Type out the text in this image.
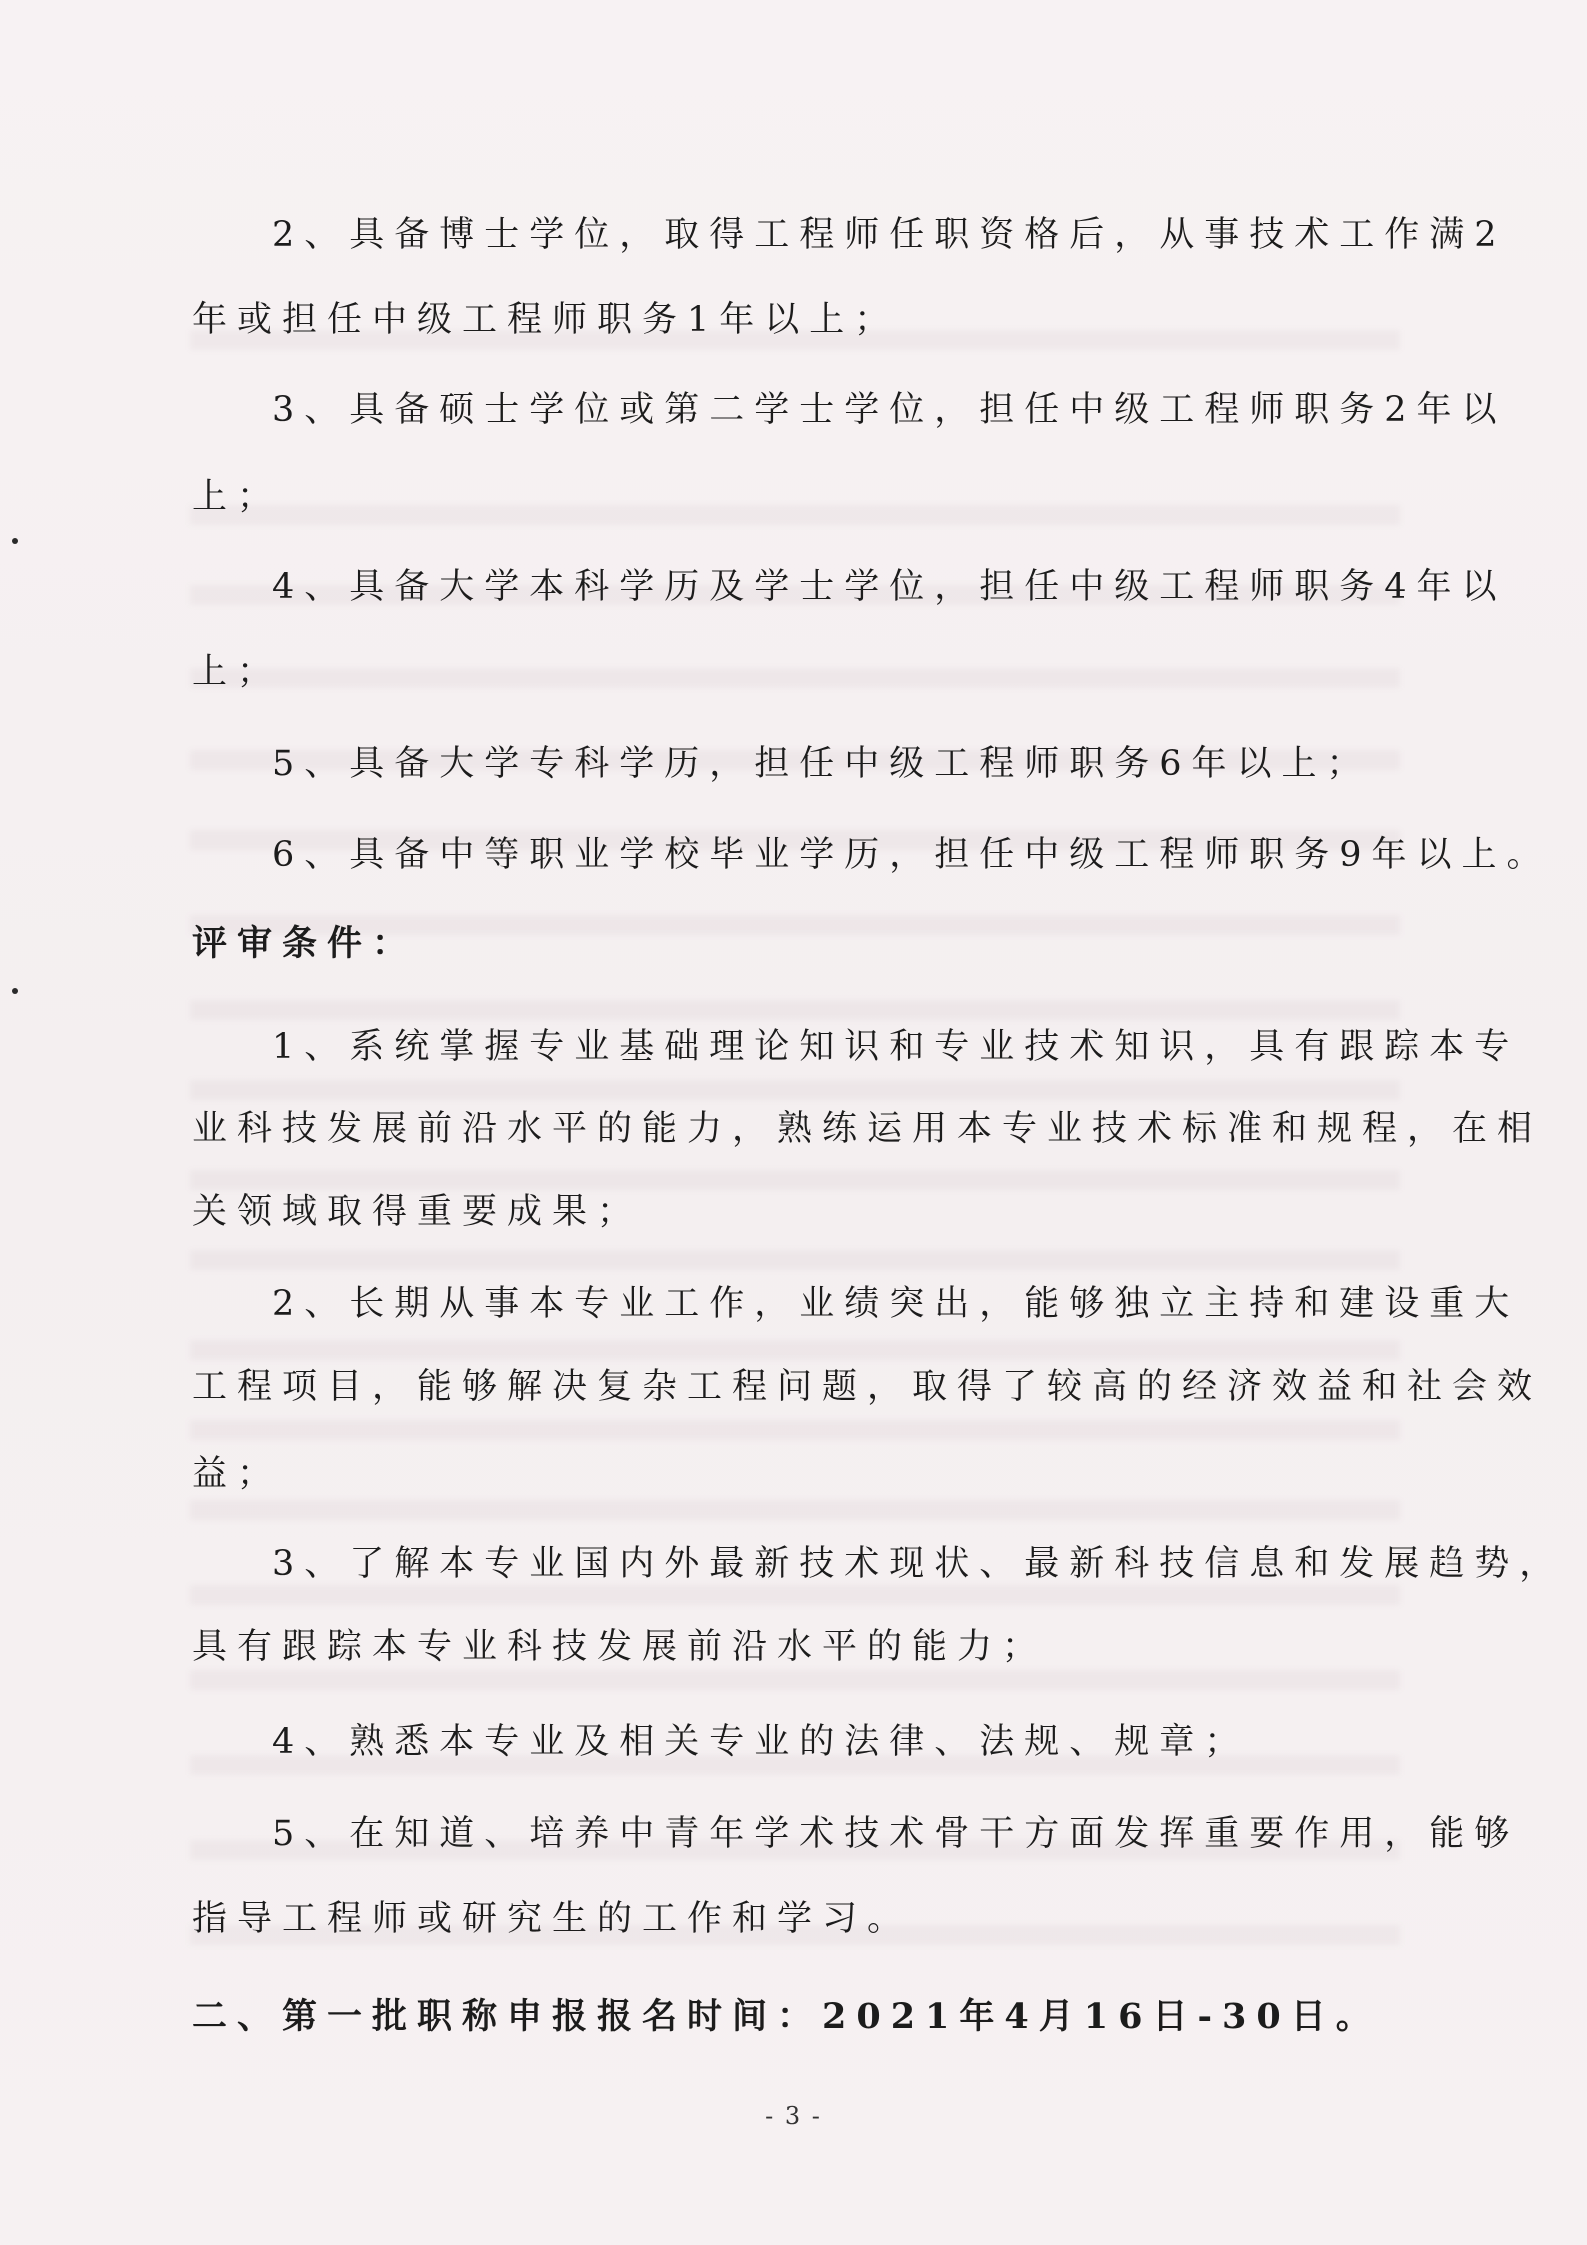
2、具备博士学位，取得工程师任职资格后，从事技术工作满2
年或担任中级工程师职务1年以上；
3、具备硕士学位或第二学士学位，担任中级工程师职务2年以
上；
4、具备大学本科学历及学士学位，担任中级工程师职务4年以
上；
5、具备大学专科学历，担任中级工程师职务6年以上；
6、具备中等职业学校毕业学历，担任中级工程师职务9年以上。
评审条件：
1、系统掌握专业基础理论知识和专业技术知识，具有跟踪本专
业科技发展前沿水平的能力，熟练运用本专业技术标准和规程，在相
关领域取得重要成果；
2、长期从事本专业工作，业绩突出，能够独立主持和建设重大
工程项目，能够解决复杂工程问题，取得了较高的经济效益和社会效
益；
3、了解本专业国内外最新技术现状、最新科技信息和发展趋势，
具有跟踪本专业科技发展前沿水平的能力；
4、熟悉本专业及相关专业的法律、法规、规章；
5、在知道、培养中青年学术技术骨干方面发挥重要作用，能够
指导工程师或研究生的工作和学习。
二、第一批职称申报报名时间：2021年4月16日-30日。
- 3 -
